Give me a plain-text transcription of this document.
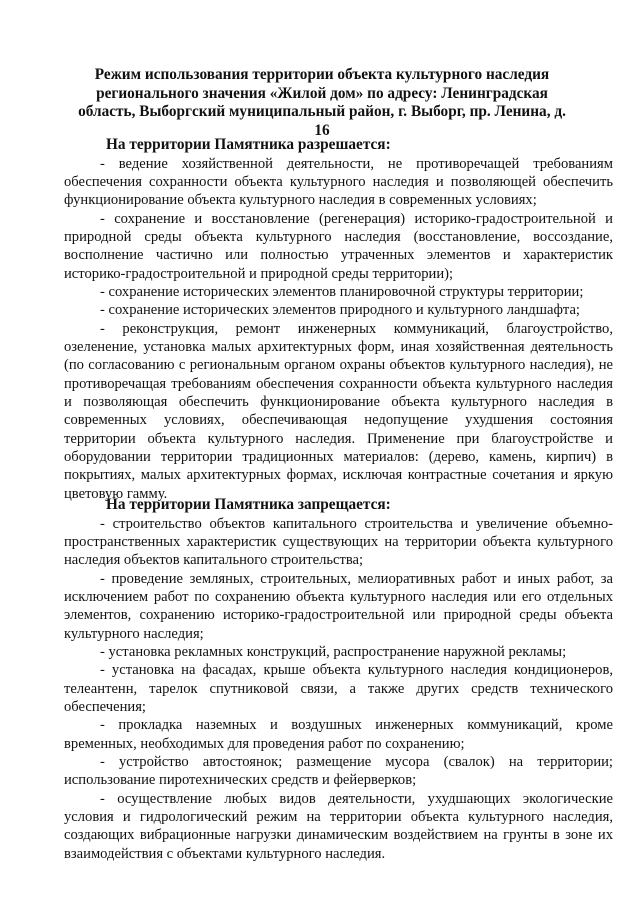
Режим использования территории объекта культурного наследия регионального значения «Жилой дом» по адресу: Ленинградская область, Выборгский муниципальный район, г. Выборг, пр. Ленина, д. 16
На территории Памятника разрешается:

- ведение хозяйственной деятельности, не противоречащей требованиям обеспечения сохранности объекта культурного наследия и позволяющей обеспечить функционирование объекта культурного наследия в современных условиях;

- сохранение и восстановление (регенерация) историко-градостроительной и природной среды объекта культурного наследия (восстановление, воссоздание, восполнение частично или полностью утраченных элементов и характеристик историко-градостроительной и природной среды территории);

- сохранение исторических элементов планировочной структуры территории;

- сохранение исторических элементов природного и культурного ландшафта;

- реконструкция, ремонт инженерных коммуникаций, благоустройство, озеленение, установка малых архитектурных форм, иная хозяйственная деятельность (по согласованию с региональным органом охраны объектов культурного наследия), не противоречащая требованиям обеспечения сохранности объекта культурного наследия и позволяющая обеспечить функционирование объекта культурного наследия в современных условиях, обеспечивающая недопущение ухудшения состояния территории объекта культурного наследия. Применение при благоустройстве и оборудовании территории традиционных материалов: (дерево, камень, кирпич) в покрытиях, малых архитектурных формах, исключая контрастные сочетания и яркую цветовую гамму.

На территории Памятника запрещается:

- строительство объектов капитального строительства и увеличение объемно-пространственных характеристик существующих на территории объекта культурного наследия объектов капитального строительства;

- проведение земляных, строительных, мелиоративных работ и иных работ, за исключением работ по сохранению объекта культурного наследия или его отдельных элементов, сохранению историко-градостроительной или природной среды объекта культурного наследия;

- установка рекламных конструкций, распространение наружной рекламы;

- установка на фасадах, крыше объекта культурного наследия кондиционеров, телеантенн, тарелок спутниковой связи, а также других средств технического обеспечения;

- прокладка наземных и воздушных инженерных коммуникаций, кроме временных, необходимых для проведения работ по сохранению;

- устройство автостоянок; размещение мусора (свалок) на территории; использование пиротехнических средств и фейерверков;

- осуществление любых видов деятельности, ухудшающих экологические условия и гидрологический режим на территории объекта культурного наследия, создающих вибрационные нагрузки динамическим воздействием на грунты в зоне их взаимодействия с объектами культурного наследия.
